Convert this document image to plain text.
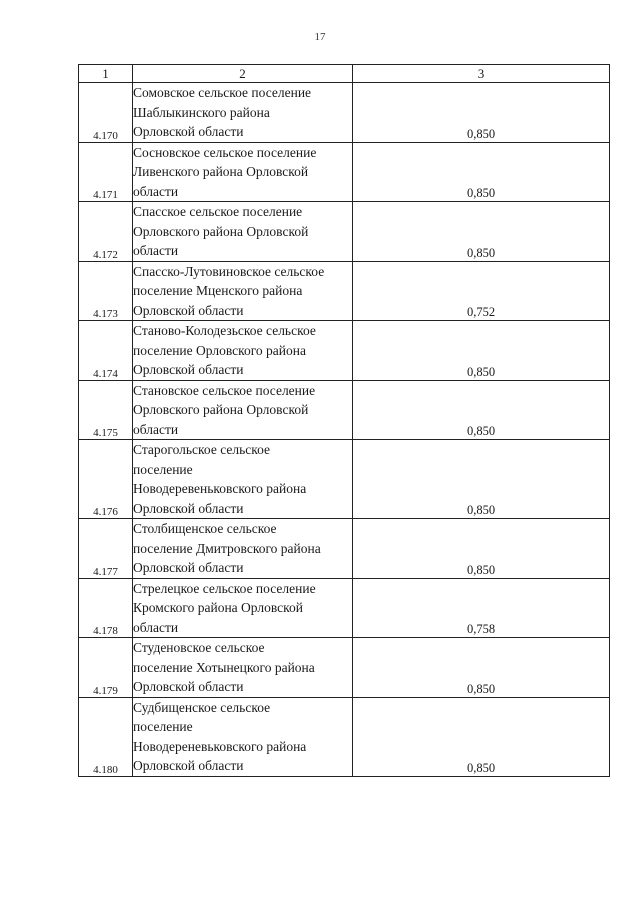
17
1	2	3
4.170	Сомовское сельское поселение
Шаблыкинского района
Орловской области	0,850
4.171	Сосновское сельское поселение
Ливенского района Орловской
области	0,850
4.172	Спасское сельское поселение
Орловского района Орловской
области	0,850
4.173	Спасско-Лутовиновское сельское
поселение Мценского района
Орловской области	0,752
4.174	Станово-Колодезьское сельское
поселение Орловского района
Орловской области	0,850
4.175	Становское сельское поселение
Орловского района Орловской
области	0,850
4.176	Старогольское сельское
поселение
Новодеревеньковского района
Орловской области	0,850
4.177	Столбищенское сельское
поселение Дмитровского района
Орловской области	0,850
4.178	Стрелецкое сельское поселение
Кромского района Орловской
области	0,758
4.179	Студеновское сельское
поселение Хотынецкого района
Орловской области	0,850
4.180	Судбищенское сельское
поселение
Новодереневьковского района
Орловской области	0,850
